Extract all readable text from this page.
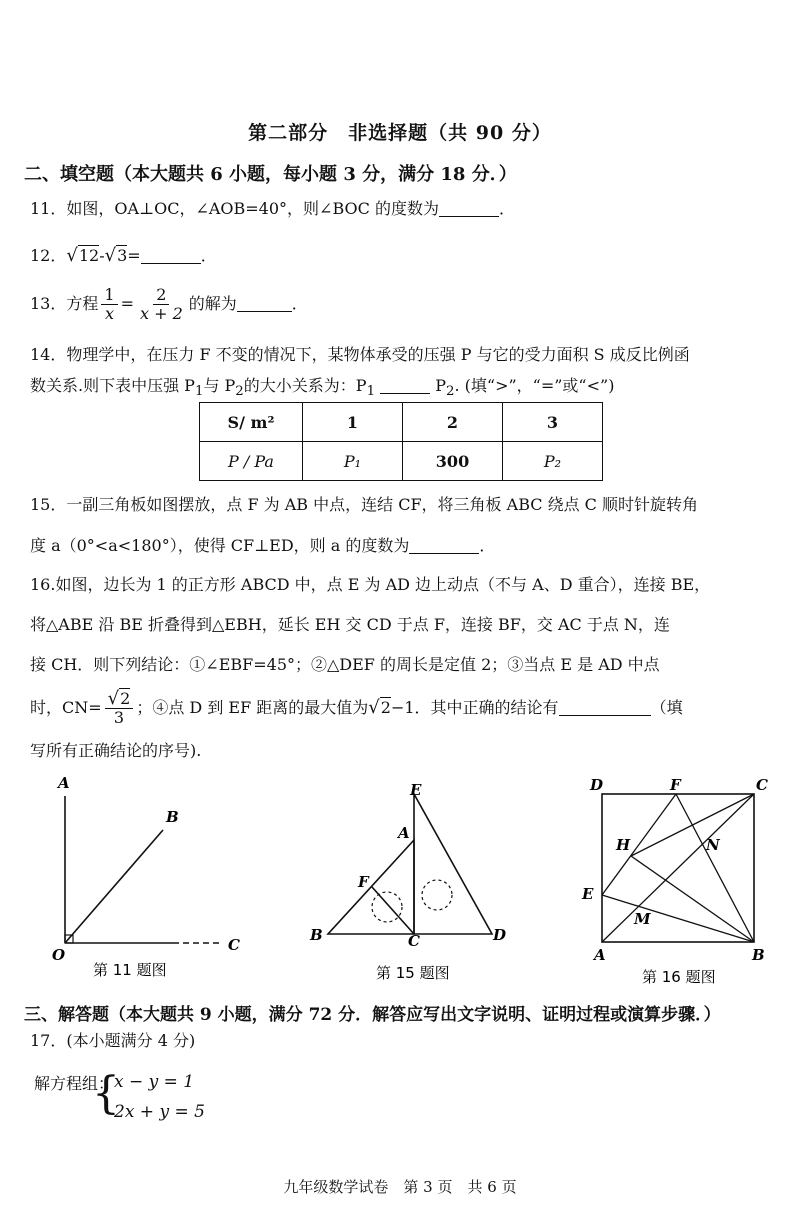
第二部分　非选择题（共 90 分）
二、填空题（本大题共 6 小题，每小题 3 分，满分 18 分．）
11．如图，OA⊥OC，∠AOB=40°，则∠BOC 的度数为	．
12．√12-√3=	．
13．方程 $\frac{1}{x} = \frac{2}{x + 2}$ 的解为	．
14．物理学中，在压力 F 不变的情况下，某物体承受的压强 P 与它的受力面积 S 成反比例函
数关系.则下表中压强 $P_1$与 $P_2$的大小关系为：$P_1$	$P_2$. (填“>”，“=”或“<”)
S/ m²	1	2	3
P / Pa	P₁	300	P₂
15．一副三角板如图摆放，点 F 为 AB 中点，连结 CF，将三角板 ABC 绕点 C 顺时针旋转角
度 a（0°<a<180°），使得 CF⊥ED，则 a 的度数为	．
16.如图，边长为 1 的正方形 ABCD 中，点 E 为 AD 边上动点（不与 A、D 重合），连接 BE，
将△ABE 沿 BE 折叠得到△EBH，延长 EH 交 CD 于点 F，连接 BF，交 AC 于点 N，连
接 CH．则下列结论：①∠EBF=45°；②△DEF 的周长是定值 2；③当点 E 是 AD 中点
时，$CN= \frac{√2}{3}$ ；④点 D 到 EF 距离的最大值为√2−1．其中正确的结论有	（填
写所有正确结论的序号).
A
B
O
C
第 11 题图
E
A
F
B	C	D
第 15 题图
D	F	C
H	N
E
M
A	B
第 16 题图
三、解答题（本大题共 9 小题，满分 72 分．解答应写出文字说明、证明过程或演算步骤．）
17．(本小题满分 4 分)
解方程组：
{
x − y = 1
2x + y = 5
九年级数学试卷　第 3 页　共 6 页
